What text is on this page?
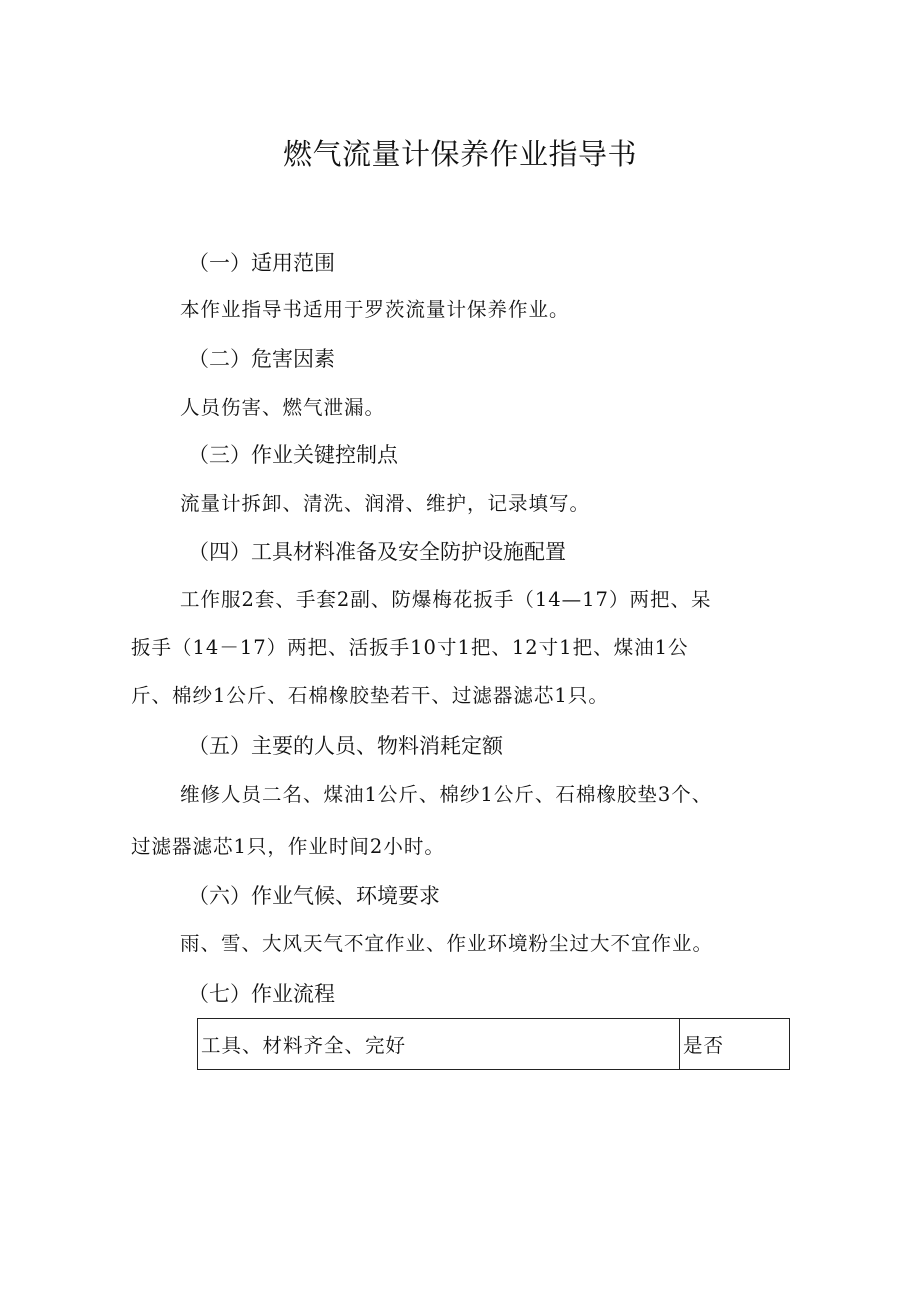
燃气流量计保养作业指导书
（一）适用范围
本作业指导书适用于罗茨流量计保养作业。
（二）危害因素
人员伤害、燃气泄漏。
（三）作业关键控制点
流量计拆卸、清洗、润滑、维护，记录填写。
（四）工具材料准备及安全防护设施配置
工作服2套、手套2副、防爆梅花扳手（14—17）两把、呆
扳手（14－17）两把、活扳手10寸1把、12寸1把、煤油1公
斤、棉纱1公斤、石棉橡胶垫若干、过滤器滤芯1只。
（五）主要的人员、物料消耗定额
维修人员二名、煤油1公斤、棉纱1公斤、石棉橡胶垫3个、
过滤器滤芯1只，作业时间2小时。
（六）作业气候、环境要求
雨、雪、大风天气不宜作业、作业环境粉尘过大不宜作业。
（七）作业流程
工具、材料齐全、完好	是否
